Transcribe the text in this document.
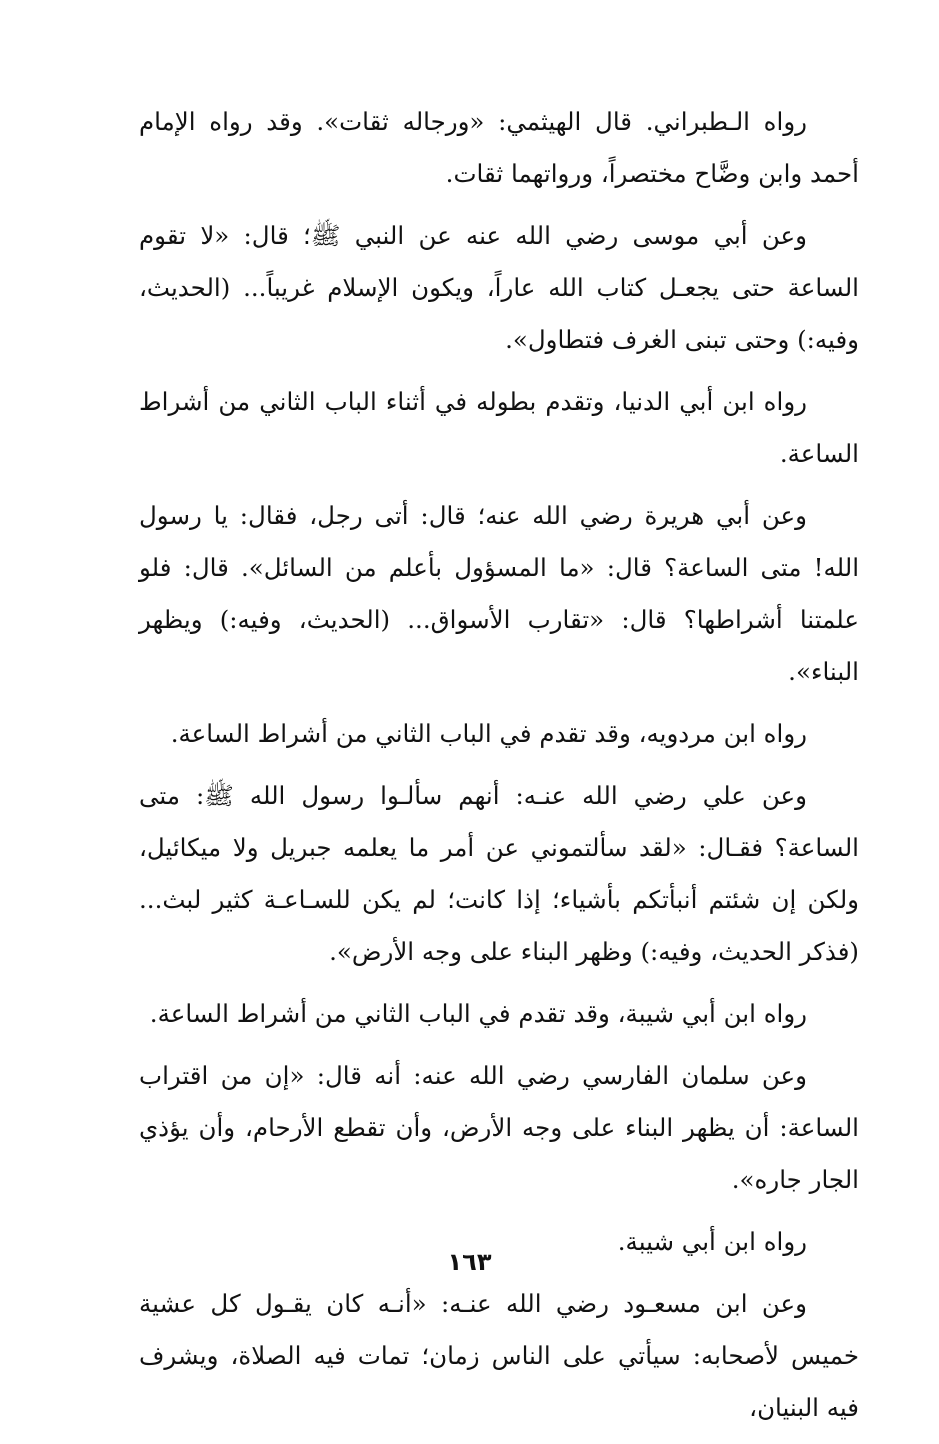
رواه الـطبراني. قال الهيثمي: «ورجاله ثقات». وقد رواه الإمام أحمد وابن وضَّاح مختصراً، ورواتهما ثقات.

وعن أبي موسى رضي الله عنه عن النبي ﷺ؛ قال: «لا تقوم الساعة حتى يجعـل كتاب الله عاراً، ويكون الإسلام غريباً... (الحديث، وفيه:) وحتى تبنى الغرف فتطاول».

رواه ابن أبي الدنيا، وتقدم بطوله في أثناء الباب الثاني من أشراط الساعة.

وعن أبي هريرة رضي الله عنه؛ قال: أتى رجل، فقال: يا رسول الله! متى الساعة؟ قال: «ما المسؤول بأعلم من السائل». قال: فلو علمتنا أشراطها؟ قال: «تقارب الأسواق... (الحديث، وفيه:) ويظهر البناء».

رواه ابن مردويه، وقد تقدم في الباب الثاني من أشراط الساعة.

وعن علي رضي الله عنـه: أنهم سألـوا رسول الله ﷺ: متى الساعة؟ فقـال: «لقد سألتموني عن أمر ما يعلمه جبريل ولا ميكائيل، ولكن إن شئتم أنبأتكم بأشياء؛ إذا كانت؛ لم يكن للسـاعـة كثير لبث... (فذكر الحديث، وفيه:) وظهر البناء على وجه الأرض».

رواه ابن أبي شيبة، وقد تقدم في الباب الثاني من أشراط الساعة.

وعن سلمان الفارسي رضي الله عنه: أنه قال: «إن من اقتراب الساعة: أن يظهر البناء على وجه الأرض، وأن تقطع الأرحام، وأن يؤذي الجار جاره».

رواه ابن أبي شيبة.

وعن ابن مسعـود رضي الله عنـه: «أنـه كان يقـول كل عشية خميس لأصحابه: سيأتي على الناس زمان؛ تمات فيه الصلاة، ويشرف فيه البنيان،

١٦٣
